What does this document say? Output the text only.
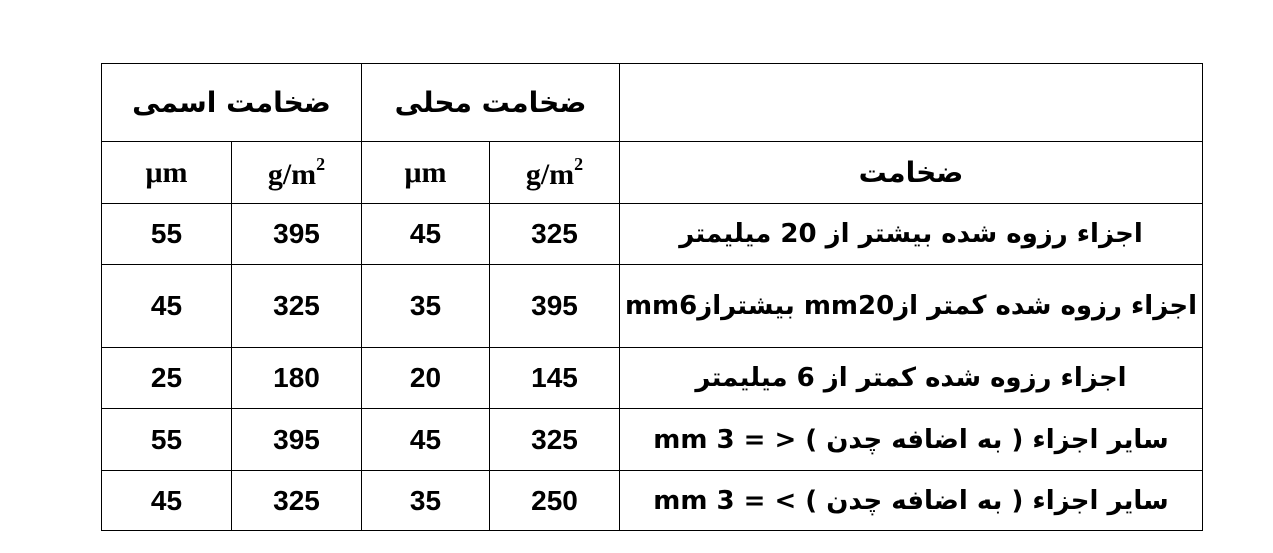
ضخامت اسمی		ضخامت محلی		
μm	$g/m^2$	μm	$g/m^2$	ضخامت
55	395	45	325	اجزاء رزوه شده بیشتر از 20 میلیمتر
45	325	35	395	اجزاء رزوه شده کمتر ازmm20 بیشترازmm6
25	180	20	145	اجزاء رزوه شده کمتر از 6 میلیمتر
55	395	45	325	سایر اجزاء ( به اضافه چدن ) < = 3 mm
45	325	35	250	سایر اجزاء ( به اضافه چدن ) > = 3 mm
